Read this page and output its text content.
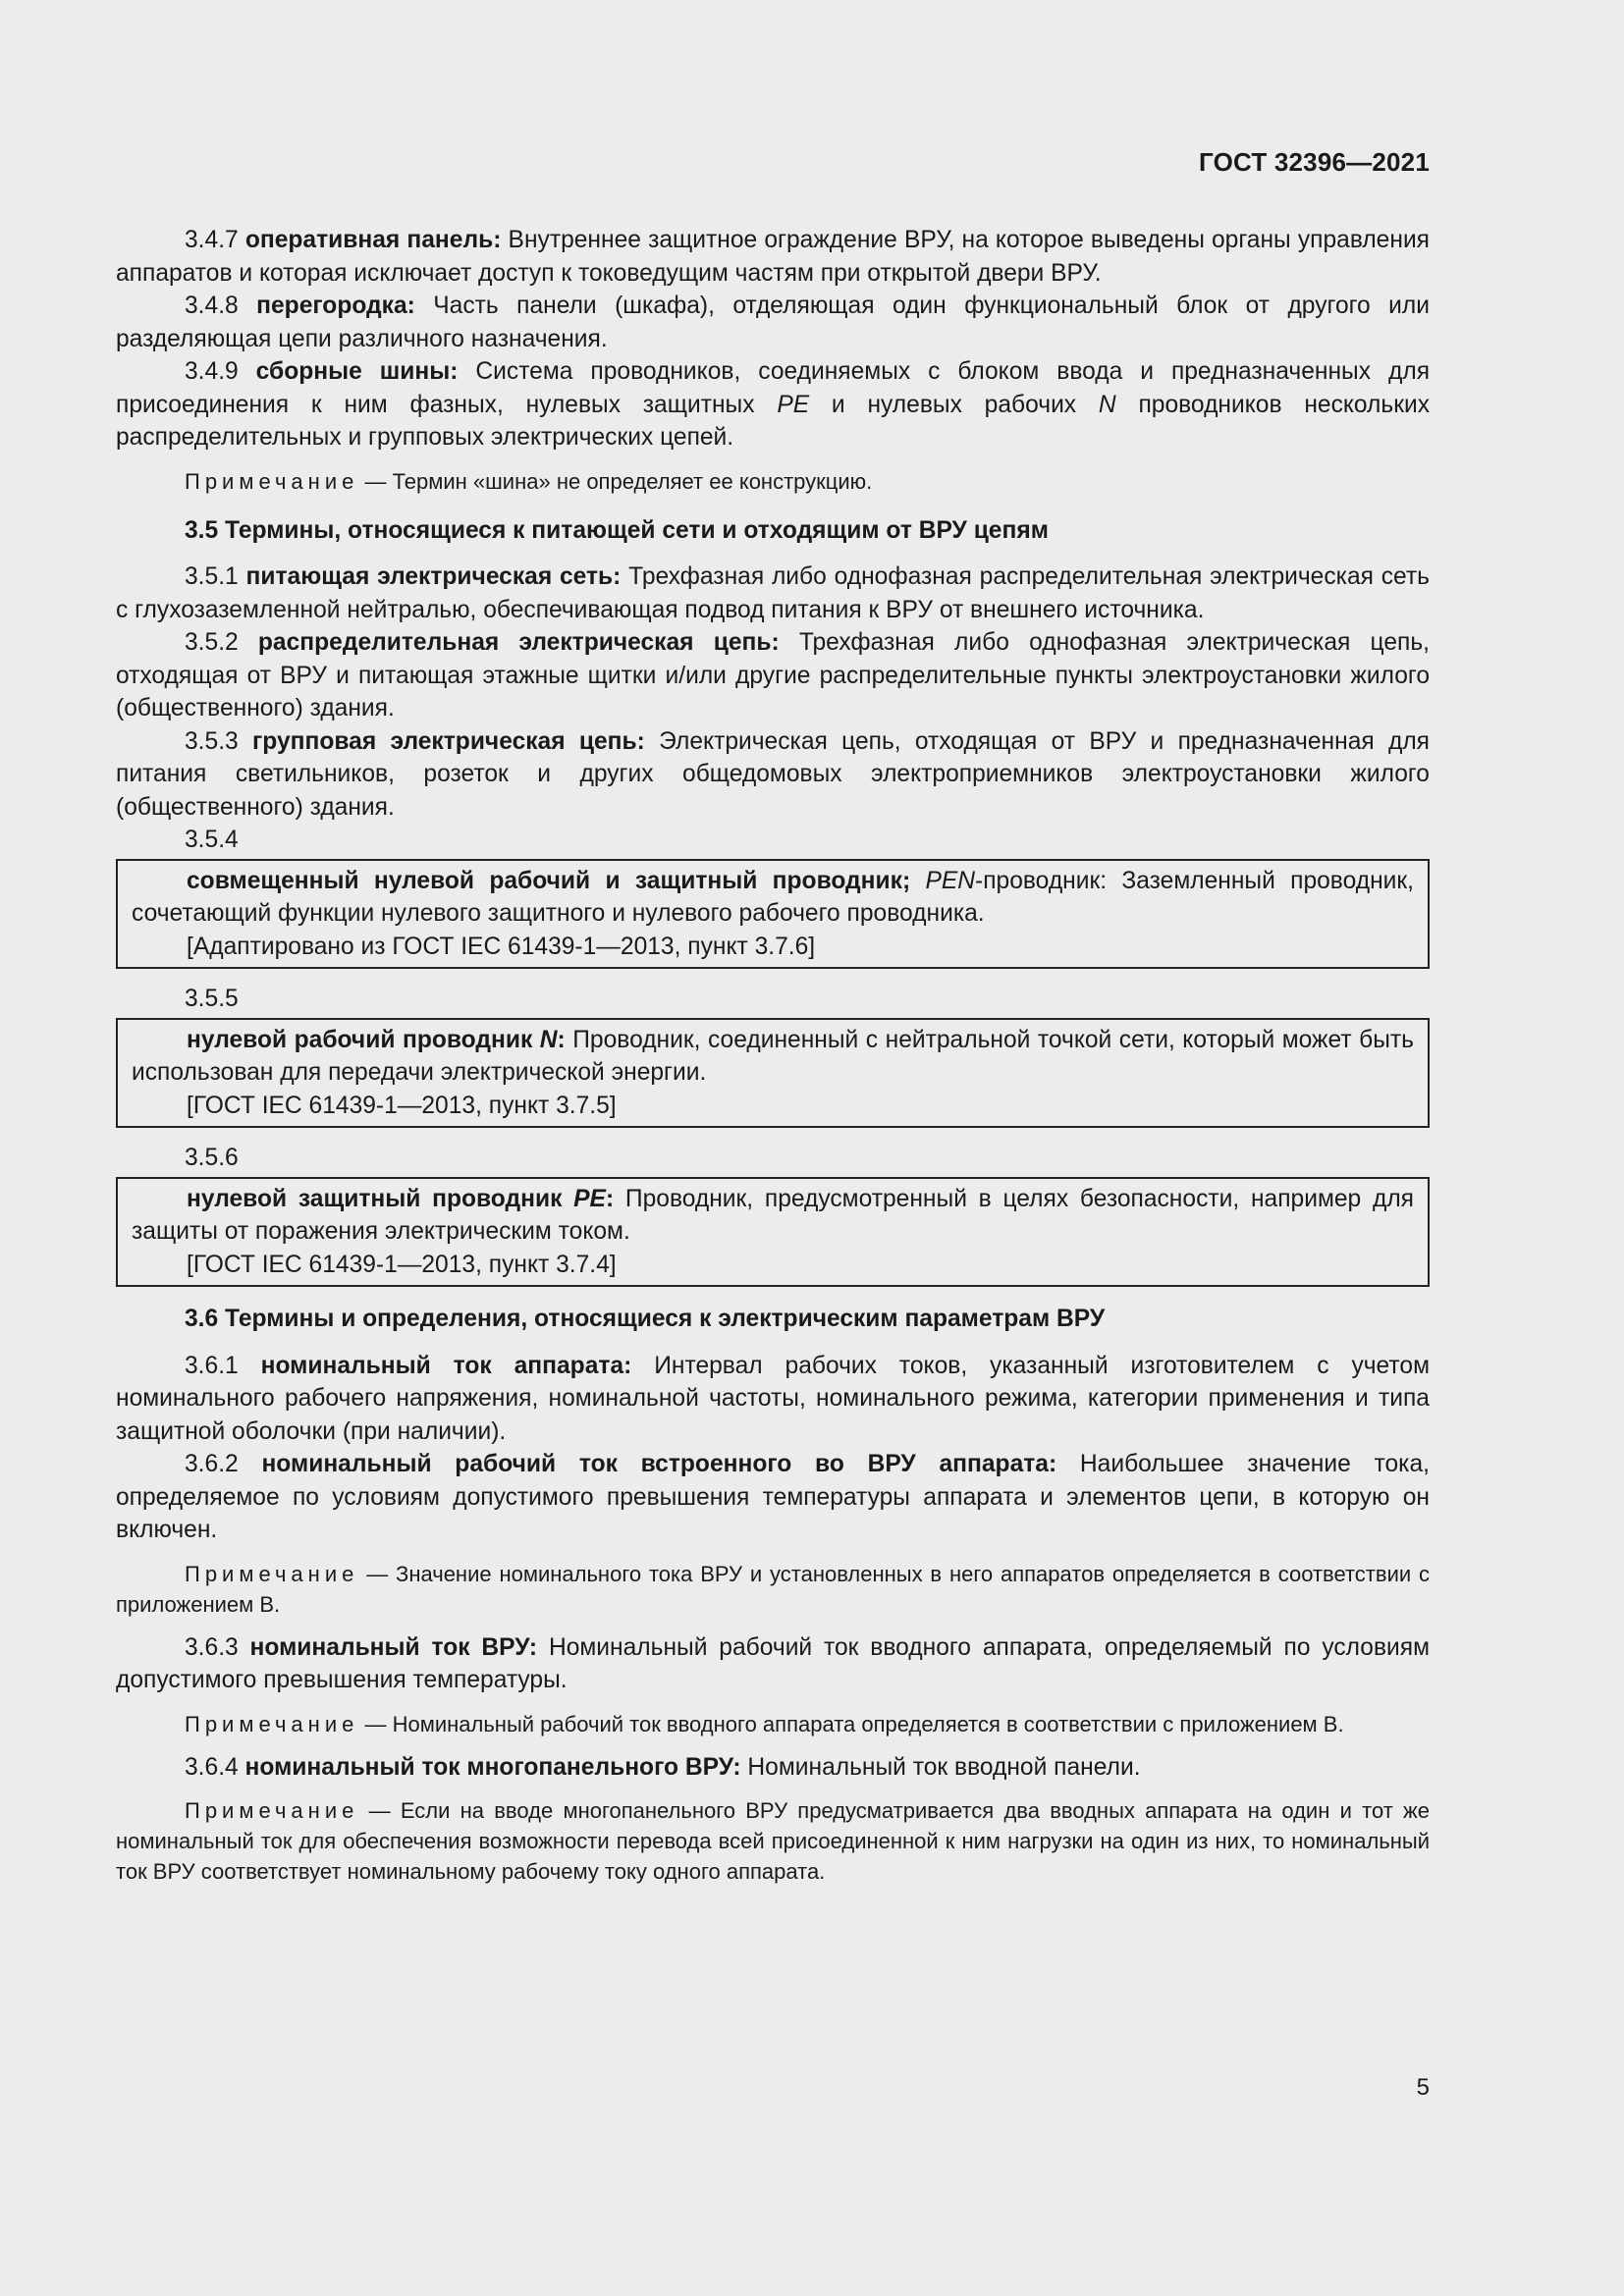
ГОСТ 32396—2021

3.4.7 оперативная панель: Внутреннее защитное ограждение ВРУ, на которое выведены органы управления аппаратов и которая исключает доступ к токоведущим частям при открытой двери ВРУ.

3.4.8 перегородка: Часть панели (шкафа), отделяющая один функциональный блок от другого или разделяющая цепи различного назначения.

3.4.9 сборные шины: Система проводников, соединяемых с блоком ввода и предназначенных для присоединения к ним фазных, нулевых защитных PE и нулевых рабочих N проводников нескольких распределительных и групповых электрических цепей.

Примечание — Термин «шина» не определяет ее конструкцию.

3.5 Термины, относящиеся к питающей сети и отходящим от ВРУ цепям

3.5.1 питающая электрическая сеть: Трехфазная либо однофазная распределительная электрическая сеть с глухозаземленной нейтралью, обеспечивающая подвод питания к ВРУ от внешнего источника.

3.5.2 распределительная электрическая цепь: Трехфазная либо однофазная электрическая цепь, отходящая от ВРУ и питающая этажные щитки и/или другие распределительные пункты электроустановки жилого (общественного) здания.

3.5.3 групповая электрическая цепь: Электрическая цепь, отходящая от ВРУ и предназначенная для питания светильников, розеток и других общедомовых электроприемников электроустановки жилого (общественного) здания.

3.5.4

совмещенный нулевой рабочий и защитный проводник; PEN-проводник: Заземленный проводник, сочетающий функции нулевого защитного и нулевого рабочего проводника.

[Адаптировано из ГОСТ IEC 61439-1—2013, пункт 3.7.6]

3.5.5

нулевой рабочий проводник N: Проводник, соединенный с нейтральной точкой сети, который может быть использован для передачи электрической энергии.

[ГОСТ IEC 61439-1—2013, пункт 3.7.5]

3.5.6

нулевой защитный проводник PE: Проводник, предусмотренный в целях безопасности, например для защиты от поражения электрическим током.

[ГОСТ IEC 61439-1—2013, пункт 3.7.4]

3.6 Термины и определения, относящиеся к электрическим параметрам ВРУ

3.6.1 номинальный ток аппарата: Интервал рабочих токов, указанный изготовителем с учетом номинального рабочего напряжения, номинальной частоты, номинального режима, категории применения и типа защитной оболочки (при наличии).

3.6.2 номинальный рабочий ток встроенного во ВРУ аппарата: Наибольшее значение тока, определяемое по условиям допустимого превышения температуры аппарата и элементов цепи, в которую он включен.

Примечание — Значение номинального тока ВРУ и установленных в него аппаратов определяется в соответствии с приложением В.

3.6.3 номинальный ток ВРУ: Номинальный рабочий ток вводного аппарата, определяемый по условиям допустимого превышения температуры.

Примечание — Номинальный рабочий ток вводного аппарата определяется в соответствии с приложением В.

3.6.4 номинальный ток многопанельного ВРУ: Номинальный ток вводной панели.

Примечание — Если на вводе многопанельного ВРУ предусматривается два вводных аппарата на один и тот же номинальный ток для обеспечения возможности перевода всей присоединенной к ним нагрузки на один из них, то номинальный ток ВРУ соответствует номинальному рабочему току одного аппарата.

5
